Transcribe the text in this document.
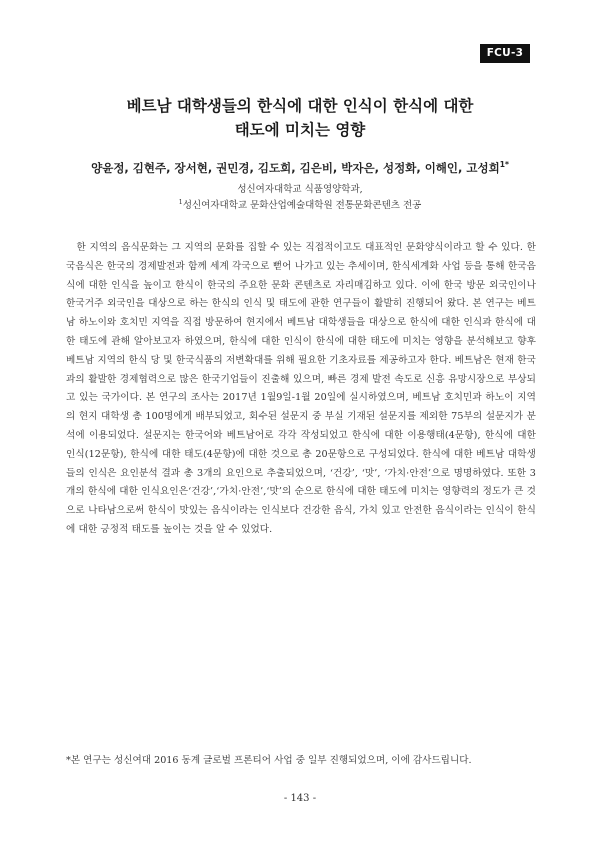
FCU-3
베트남 대학생들의 한식에 대한 인식이 한식에 대한
태도에 미치는 영향
양윤정, 김현주, 장서현, 권민경, 김도희, 김은비, 박자은, 성정화, 이해인, 고성희$^{1*}$
성신여자대학교 식품영양학과,
$^1$성신여자대학교 문화산업예술대학원 전통문화콘텐츠 전공

한 지역의 음식문화는 그 지역의 문화를 집할 수 있는 직접적이고도 대표적인 문화양식이라고 할 수 있다. 한국음식은 한국의 경제발전과 함께 세계 각국으로 뻗어 나가고 있는 추세이며, 한식세계화 사업 등을 통해 한국음식에 대한 인식을 높이고 한식이 한국의 주요한 문화 콘텐츠로 자리매김하고 있다. 이에 한국 방문 외국인이나 한국거주 외국인을 대상으로 하는 한식의 인식 및 태도에 관한 연구들이 활발히 진행되어 왔다. 본 연구는 베트남 하노이와 호치민 지역을 직접 방문하여 현지에서 베트남 대학생들을 대상으로 한식에 대한 인식과 한식에 대한 태도에 관해 알아보고자 하였으며, 한식에 대한 인식이 한식에 대한 태도에 미치는 영향을 분석해보고 향후 베트남 지역의 한식 당 및 한국식품의 저변확대를 위해 필요한 기초자료를 제공하고자 한다. 베트남은 현재 한국과의 활발한 경제협력으로 많은 한국기업들이 진출해 있으며, 빠른 경제 발전 속도로 신흥 유망시장으로 부상되고 있는 국가이다. 본 연구의 조사는 2017년 1월9일-1월 20일에 실시하였으며, 베트남 호치민과 하노이 지역의 현지 대학생 총 100명에게 배부되었고, 회수된 설문지 중 부실 기재된 설문지를 제외한 75부의 설문지가 분석에 이용되었다. 설문지는 한국어와 베트남어로 각각 작성되었고 한식에 대한 이용행태(4문항), 한식에 대한 인식(12문항), 한식에 대한 태도(4문항)에 대한 것으로 총 20문항으로 구성되었다. 한식에 대한 베트남 대학생들의 인식은 요인분석 결과 총 3개의 요인으로 추출되었으며, ‘건강’, ‘맛’, ‘가치·안전’으로 명명하였다. 또한 3개의 한식에 대한 인식요인은‘건강’,‘가치·안전’,‘맛’의 순으로 한식에 대한 태도에 미치는 영향력의 정도가 큰 것으로 나타남으로써 한식이 맛있는 음식이라는 인식보다 건강한 음식, 가치 있고 안전한 음식이라는 인식이 한식에 대한 긍정적 태도를 높이는 것을 알 수 있었다.

*본 연구는 성신여대 2016 동계 글로벌 프론티어 사업 중 일부 진행되었으며, 이에 감사드립니다.
- 143 -
